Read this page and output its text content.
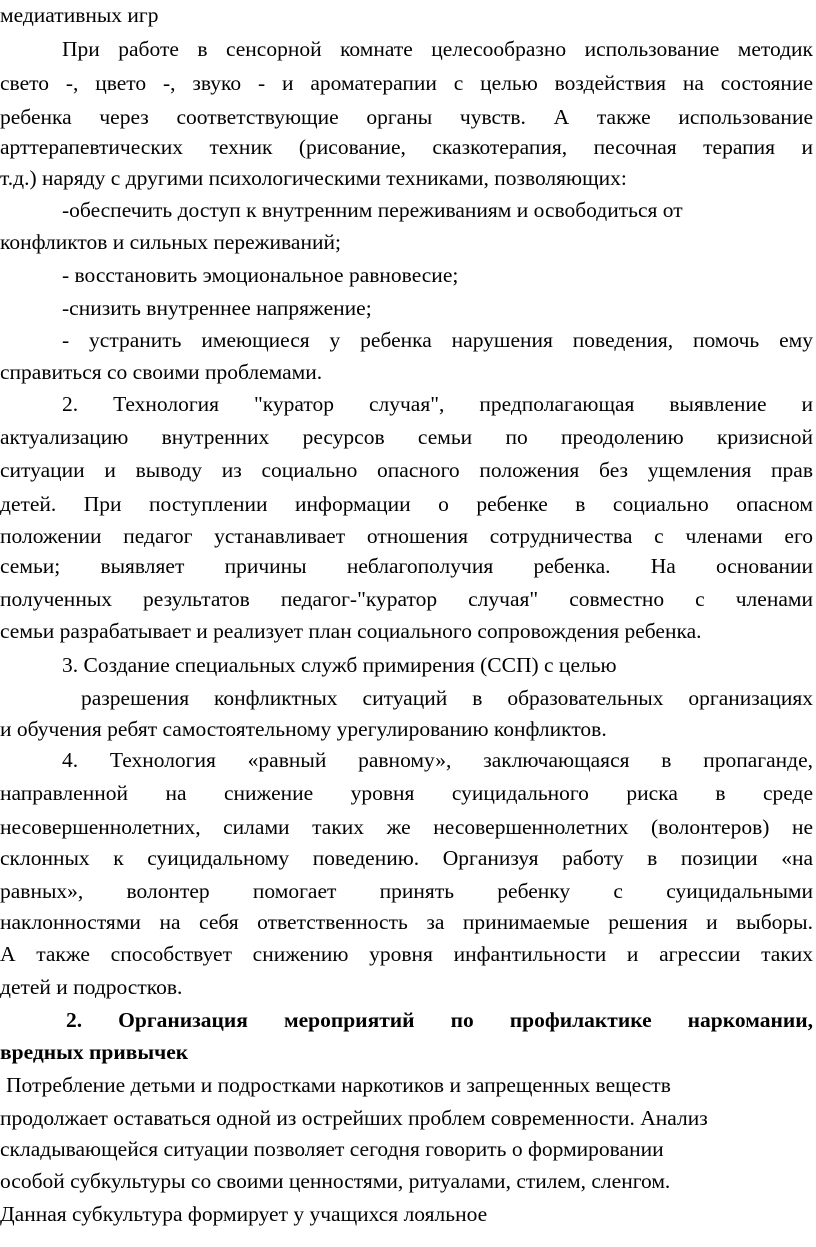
медиативных игр
При работе в сенсорной комнате целесообразно использование методик
свето -, цвето -, звуко - и ароматерапии с целью воздействия на состояние
ребенка через соответствующие органы чувств. А также использование
арттерапевтических техник (рисование, сказкотерапия, песочная терапия и
т.д.) наряду с другими психологическими техниками, позволяющих:
-обеспечить доступ к внутренним переживаниям и освободиться от
конфликтов и сильных переживаний;
- восстановить эмоциональное равновесие;
-снизить внутреннее напряжение;
- устранить имеющиеся у ребенка нарушения поведения, помочь ему
справиться со своими проблемами.
2. Технология "куратор случая", предполагающая выявление и
актуализацию внутренних ресурсов семьи по преодолению кризисной
ситуации и выводу из социально опасного положения без ущемления прав
детей. При поступлении информации о ребенке в социально опасном
положении педагог устанавливает отношения сотрудничества с членами его
семьи; выявляет причины неблагополучия ребенка. На основании
полученных результатов педагог-"куратор случая" совместно с членами
семьи разрабатывает и реализует план социального сопровождения ребенка.
3. Создание специальных служб примирения (ССП) с целью
разрешения конфликтных ситуаций в образовательных организациях
и обучения ребят самостоятельному урегулированию конфликтов.
4. Технология «равный равному», заключающаяся в пропаганде,
направленной на снижение уровня суицидального риска в среде
несовершеннолетних, силами таких же несовершеннолетних (волонтеров) не
склонных к суицидальному поведению. Организуя работу в позиции «на
равных», волонтер помогает принять ребенку с суицидальными
наклонностями на себя ответственность за принимаемые решения и выборы.
А также способствует снижению уровня инфантильности и агрессии таких
детей и подростков.
2. Организация мероприятий по профилактике наркомании,
вредных привычек
Потребление детьми и подростками наркотиков и запрещенных веществ
продолжает оставаться одной из острейших проблем современности. Анализ
складывающейся ситуации позволяет сегодня говорить о формировании
особой субкультуры со своими ценностями, ритуалами, стилем, сленгом.
Данная субкультура формирует у учащихся лояльное
